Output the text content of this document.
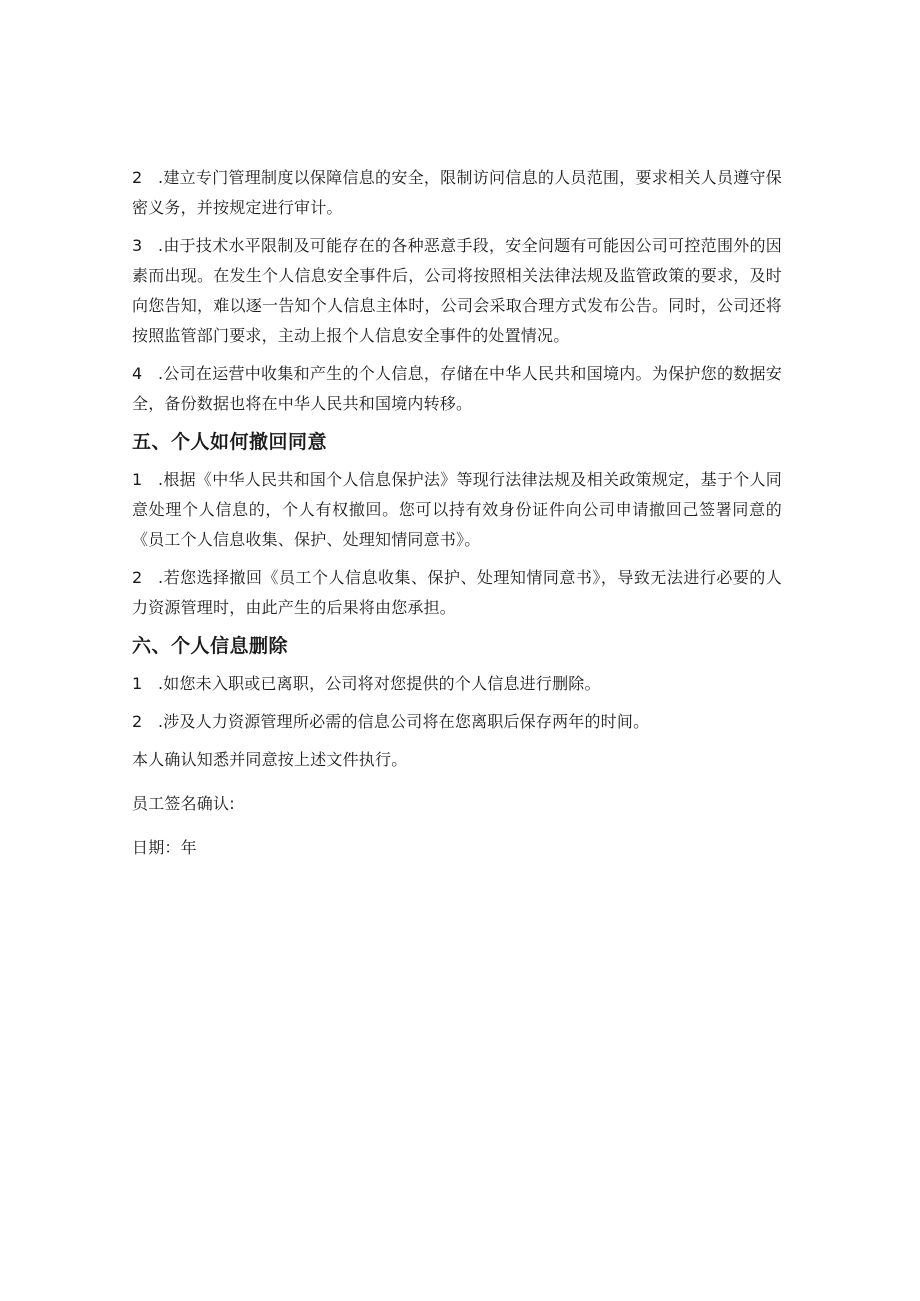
2 .建立专门管理制度以保障信息的安全，限制访问信息的人员范围，要求相关人员遵守保密义务，并按规定进行审计。

3 .由于技术水平限制及可能存在的各种恶意手段，安全问题有可能因公司可控范围外的因素而出现。在发生个人信息安全事件后，公司将按照相关法律法规及监管政策的要求，及时向您告知，难以逐一告知个人信息主体时，公司会采取合理方式发布公告。同时，公司还将按照监管部门要求，主动上报个人信息安全事件的处置情况。

4 .公司在运营中收集和产生的个人信息，存储在中华人民共和国境内。为保护您的数据安全，备份数据也将在中华人民共和国境内转移。

五、个人如何撤回同意

1 .根据《中华人民共和国个人信息保护法》等现行法律法规及相关政策规定，基于个人同意处理个人信息的，个人有权撤回。您可以持有效身份证件向公司申请撤回己签署同意的《员工个人信息收集、保护、处理知情同意书》。

2 .若您选择撤回《员工个人信息收集、保护、处理知情同意书》，导致无法进行必要的人力资源管理时，由此产生的后果将由您承担。

六、个人信息删除

1 .如您未入职或已离职，公司将对您提供的个人信息进行删除。

2 .涉及人力资源管理所必需的信息公司将在您离职后保存两年的时间。

本人确认知悉并同意按上述文件执行。

员工签名确认:

日期：年
